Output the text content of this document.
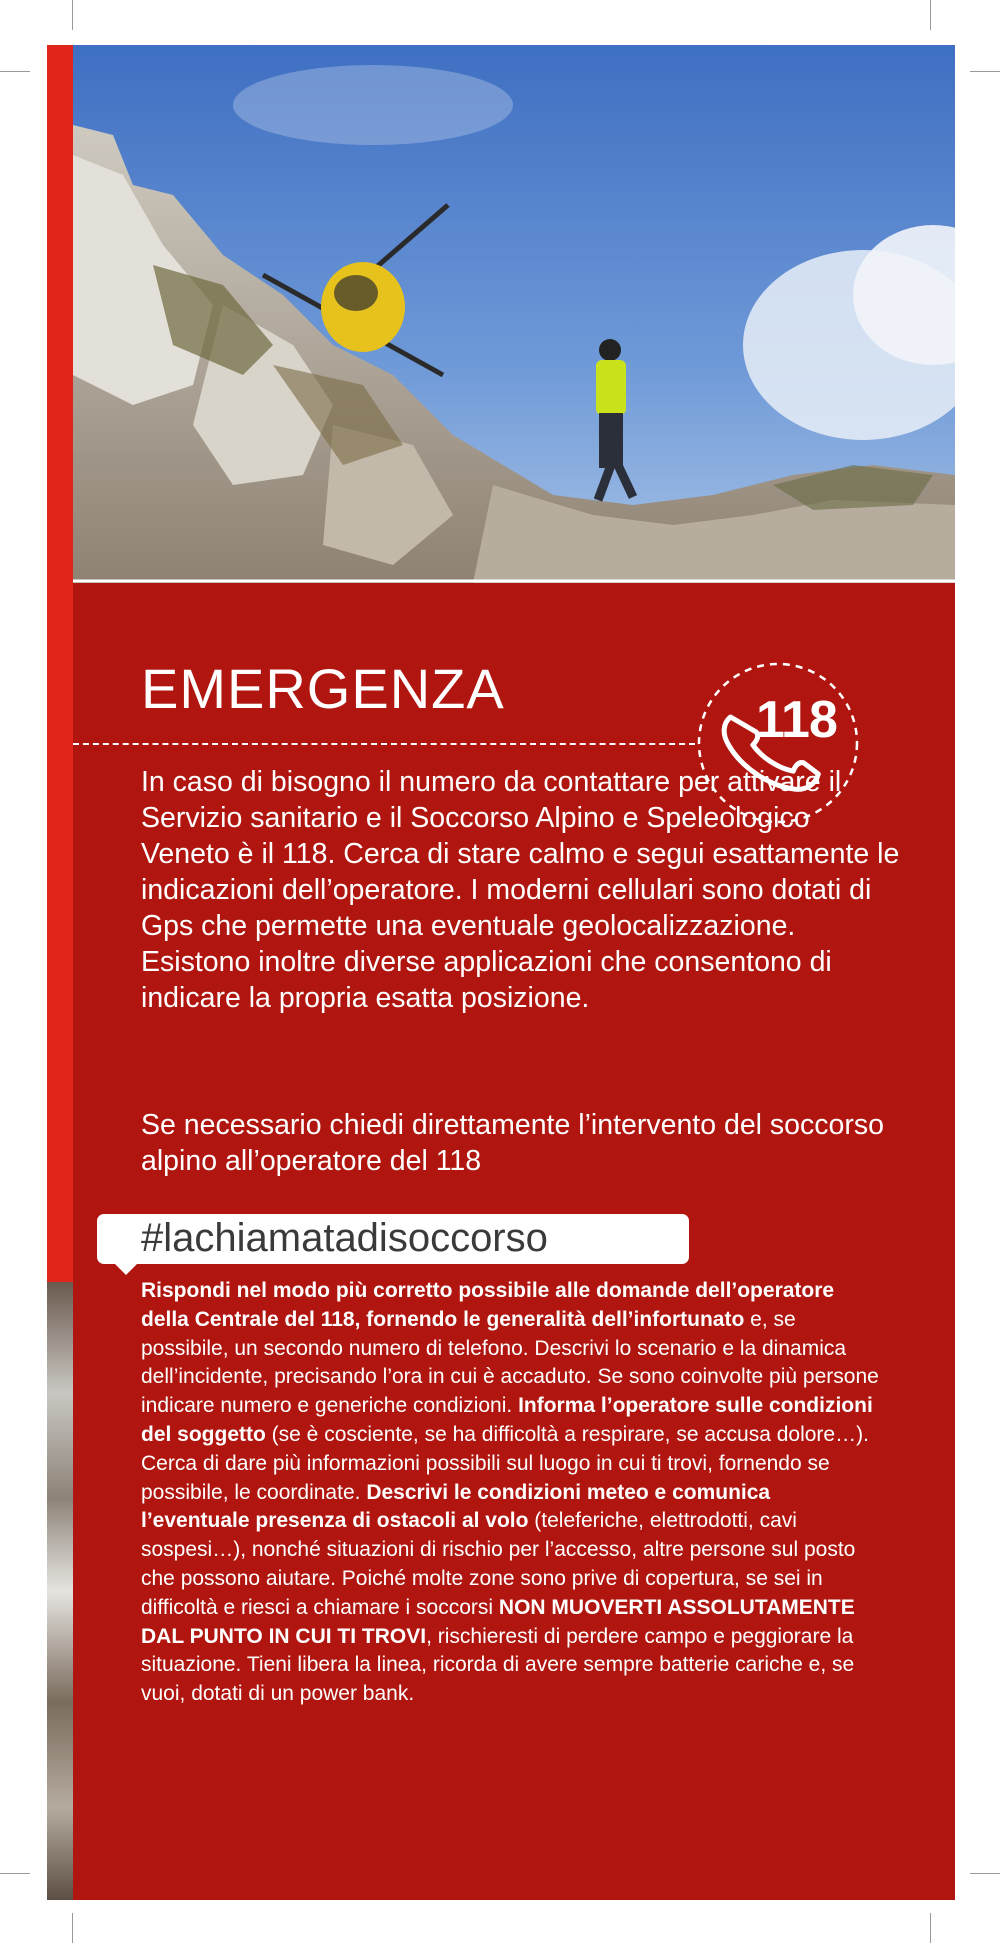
EMERGENZA	118

In caso di bisogno il numero da contattare per attivare il Servizio sanitario e il Soccorso Alpino e Speleologico Veneto è il 118. Cerca di stare calmo e segui esattamente le indicazioni dell’operatore. I moderni cellulari sono dotati di Gps che permette una eventuale geolocalizzazione. Esistono inoltre diverse applicazioni che consentono di indicare la propria esatta posizione.

Se necessario chiedi direttamente l’intervento del soccorso alpino all’operatore del 118

#lachiamatadisoccorso

Rispondi nel modo più corretto possibile alle domande dell’operatore della Centrale del 118, fornendo le generalità dell’infortunato e, se possibile, un secondo numero di telefono. Descrivi lo scenario e la dinamica dell’incidente, precisando l’ora in cui è accaduto. Se sono coinvolte più persone indicare numero e generiche condizioni. Informa l’operatore sulle condizioni del soggetto (se è cosciente, se ha difficoltà a respirare, se accusa dolore…). Cerca di dare più informazioni possibili sul luogo in cui ti trovi, fornendo se possibile, le coordinate. Descrivi le condizioni meteo e comunica l’eventuale presenza di ostacoli al volo (teleferiche, elettrodotti, cavi sospesi…), nonché situazioni di rischio per l’accesso, altre persone sul posto che possono aiutare. Poiché molte zone sono prive di copertura, se sei in difficoltà e riesci a chiamare i soccorsi NON MUOVERTI ASSOLUTAMENTE DAL PUNTO IN CUI TI TROVI, rischieresti di perdere campo e peggiorare la situazione. Tieni libera la linea, ricorda di avere sempre batterie cariche e, se vuoi, dotati di un power bank.
